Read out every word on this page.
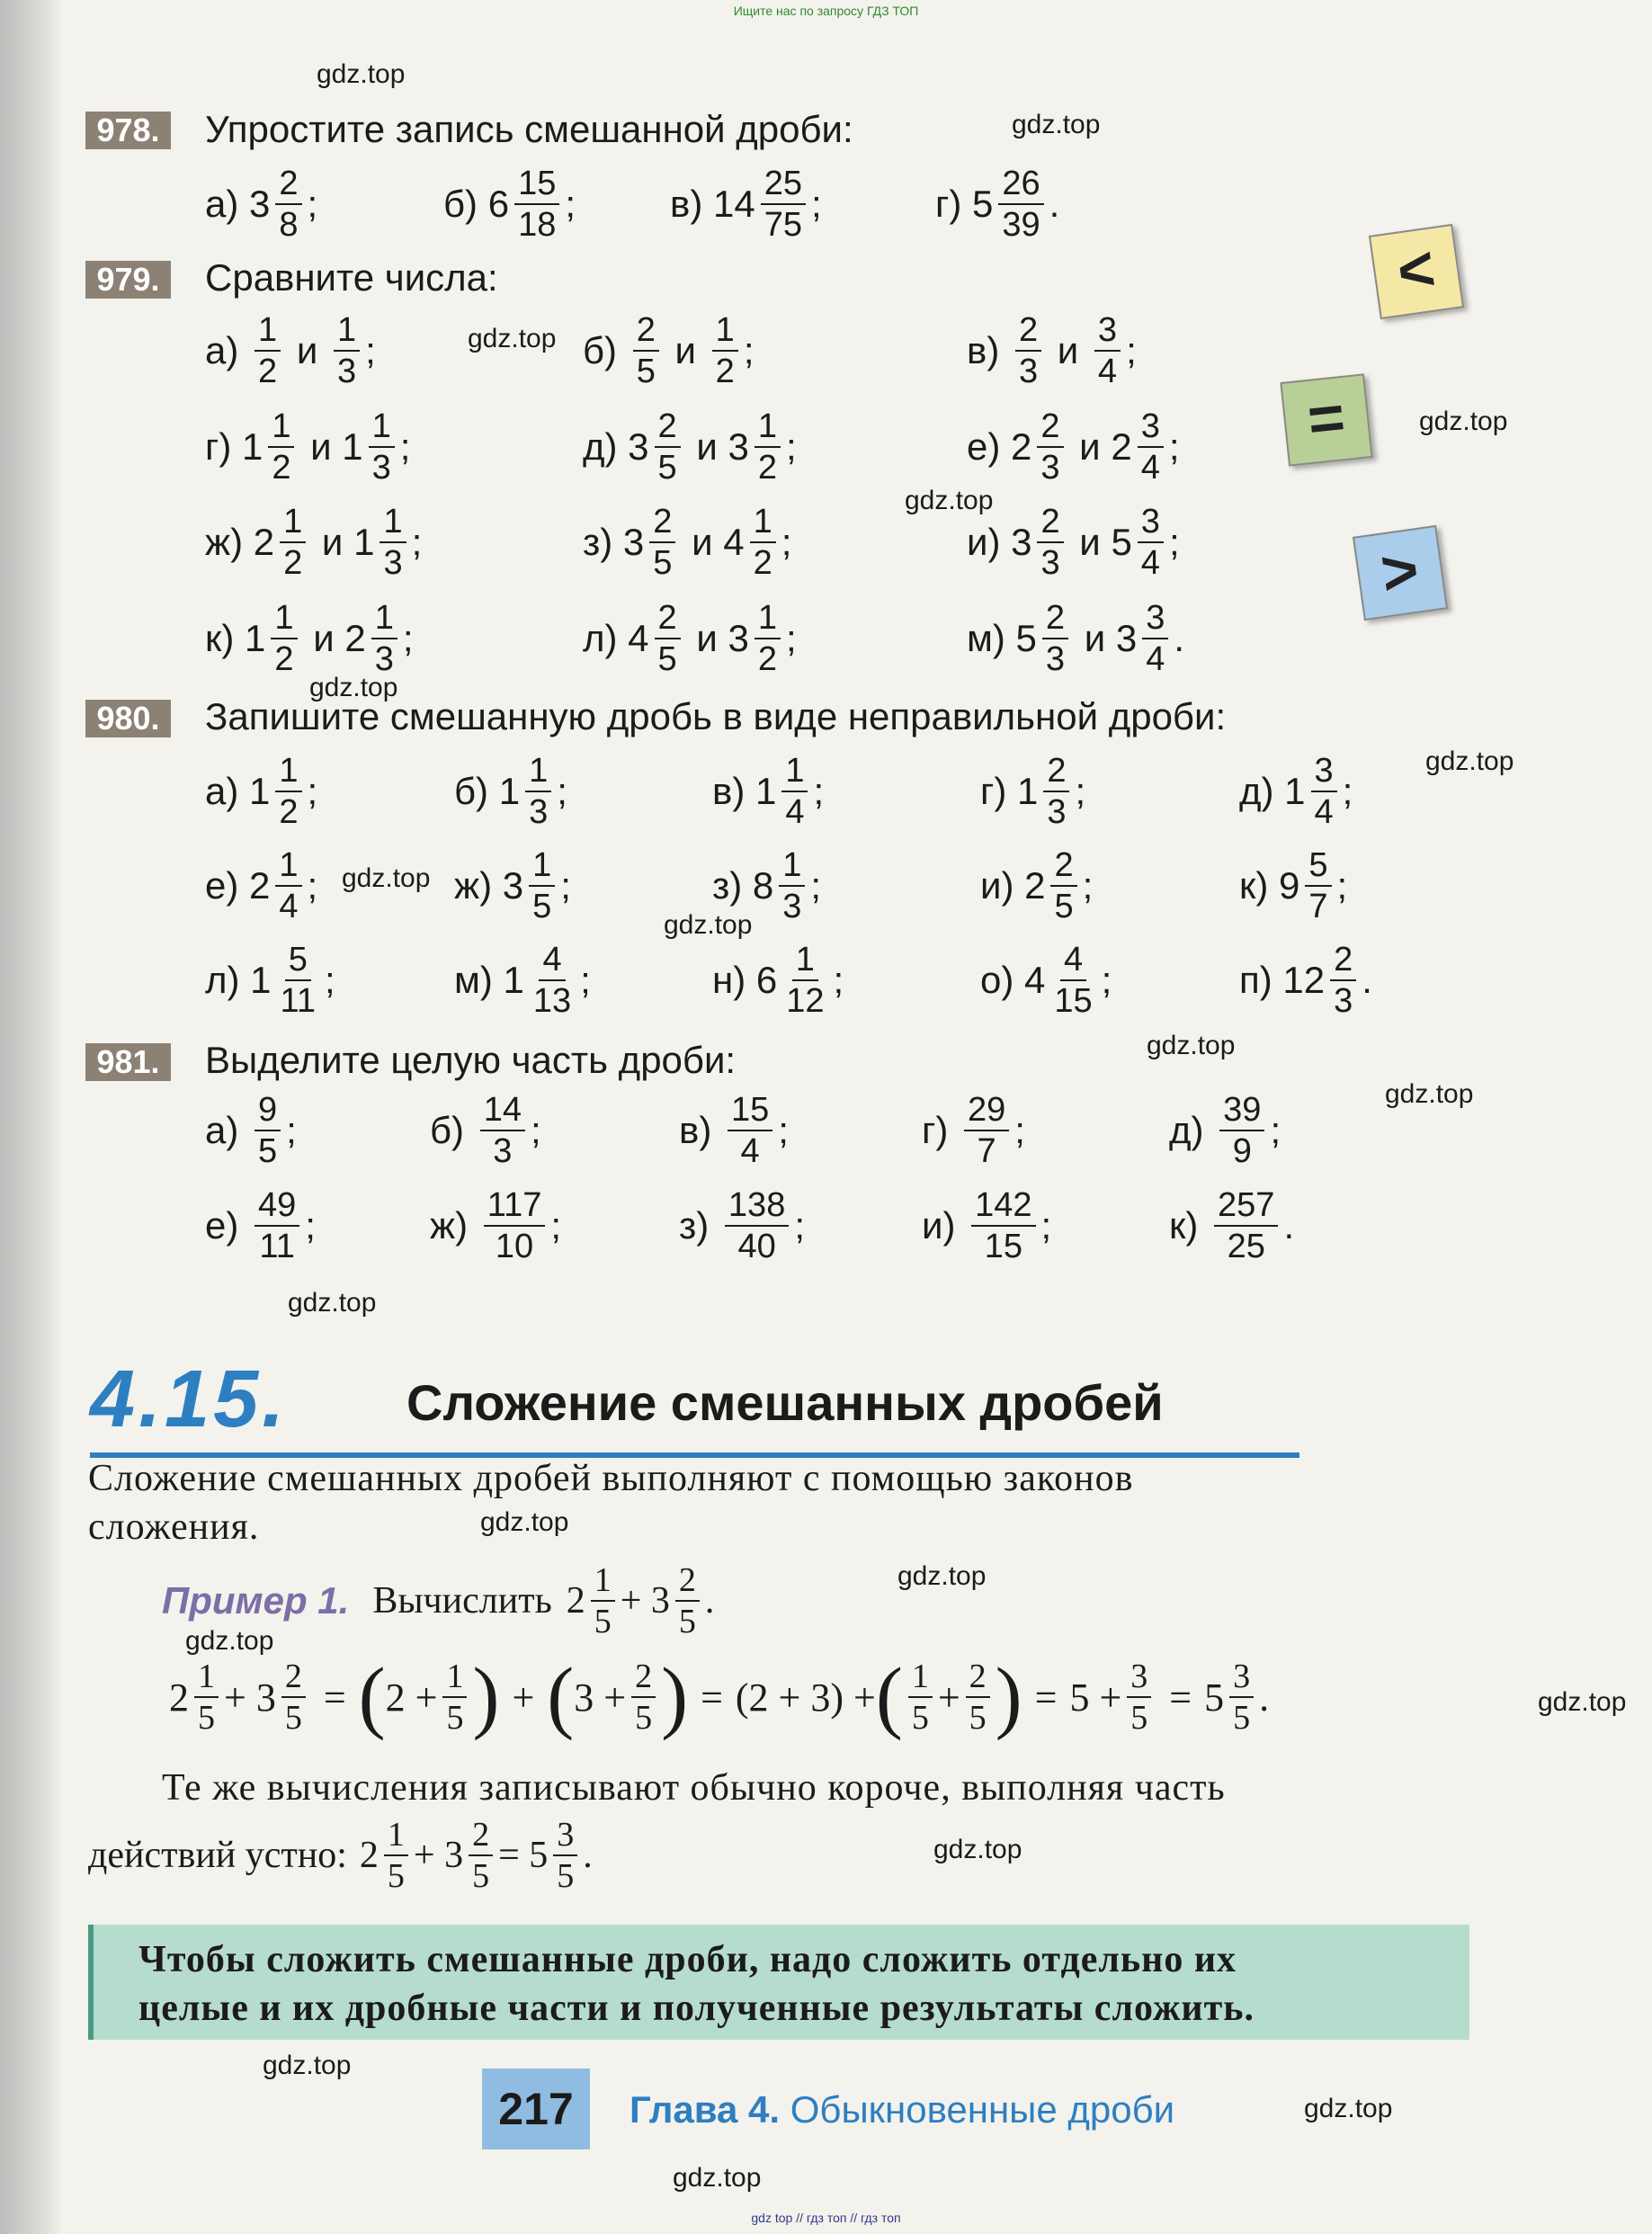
Ищите нас по запросу ГДЗ ТОП
gdz.top
gdz.top
gdz.top
gdz.top
gdz.top
gdz.top
gdz.top
gdz.top
gdz.top
gdz.top
gdz.top
gdz.top
gdz.top
gdz.top
gdz.top
gdz.top
gdz.top
gdz.top
gdz.top
gdz.top
<
=
>
978. Упростите запись смешанной дроби:
а) $3 \frac{2}{8}$ ;	б) $6 \frac{15}{18}$ ; в) $14 \frac{25}{75}$ ;	г) $5 \frac{26}{39}$ .
979. Сравните числа:
$а) \frac{1}{2}$ и $\frac{1}{3}$ ;	$б) \frac{2}{5}$ и $\frac{1}{2}$ ;	$в) \frac{2}{3}$ и $\frac{3}{4}$ ;
г) $1 \frac{1}{2}$ и $1 \frac{1}{3}$ ;	д) $3 \frac{2}{5}$ и $3 \frac{1}{2}$ ;	е) $2 \frac{2}{3}$ и $2 \frac{3}{4}$ ;
ж) $2 \frac{1}{2}$ и $1 \frac{1}{3}$ ;	з) $3 \frac{2}{5}$ и $4 \frac{1}{2}$ ;	и) $3 \frac{2}{3}$ и $5 \frac{3}{4}$ ;
к) $1 \frac{1}{2}$ и $2 \frac{1}{3}$ ;	л) $4 \frac{2}{5}$ и $3 \frac{1}{2}$ ;	м) $5 \frac{2}{3}$ и $3 \frac{3}{4}$ .
980. Запишите смешанную дробь в виде неправильной дроби:
а) $1 \frac{1}{2}$ ;	б) $1 \frac{1}{3}$ ;	в) $1 \frac{1}{4}$ ;	г) $1 \frac{2}{3}$ ;	д) $1 \frac{3}{4}$ ;
е) $2 \frac{1}{4}$ ;	ж) $3 \frac{1}{5}$ ;	з) $8 \frac{1}{3}$ ;	и) $2 \frac{2}{5}$ ;	к) $9 \frac{5}{7}$ ;
л) $1 \frac{5}{11}$ ;	м) $1 \frac{4}{13}$ ;	н) $6 \frac{1}{12}$ ;	о) $4 \frac{4}{15}$ ;	п) $12 \frac{2}{3}$ .
981. Выделите целую часть дроби:
$а) \frac{9}{5}$ ;	$б) \frac{14}{3}$ ;	$в) \frac{15}{4}$ ;	$г) \frac{29}{7}$ ;	$д) \frac{39}{9}$ ;
$е) \frac{49}{11}$ ;	$ж) \frac{117}{10}$ ;	$з) \frac{138}{40}$ ;	$и) \frac{142}{15}$ ;	$к) \frac{257}{25}$ .
4.15. Сложение смешанных дробей
Сложение смешанных дробей выполняют с помощью законов
сложения.
Пример 1. Вычислить $2 \frac{1}{5} + 3 \frac{2}{5}$ .
$2 \frac{1}{5} + 3 \frac{2}{5}$ = ( $2 + \frac{1}{5}$ ) + ( $3 + \frac{2}{5}$ ) = (2 + 3) + ( $\frac{1}{5} + \frac{2}{5}$ ) = $5 + \frac{3}{5} = 5 \frac{3}{5}$ .
Те же вычисления записывают обычно короче, выполняя часть
действий устно: $2 \frac{1}{5} + 3 \frac{2}{5} = 5 \frac{3}{5}$ .
Чтобы сложить смешанные дроби, надо сложить отдельно их
целые и их дробные части и полученные результаты сложить.
217	Глава 4. Обыкновенные дроби
gdz top // гдз топ // гдз топ
